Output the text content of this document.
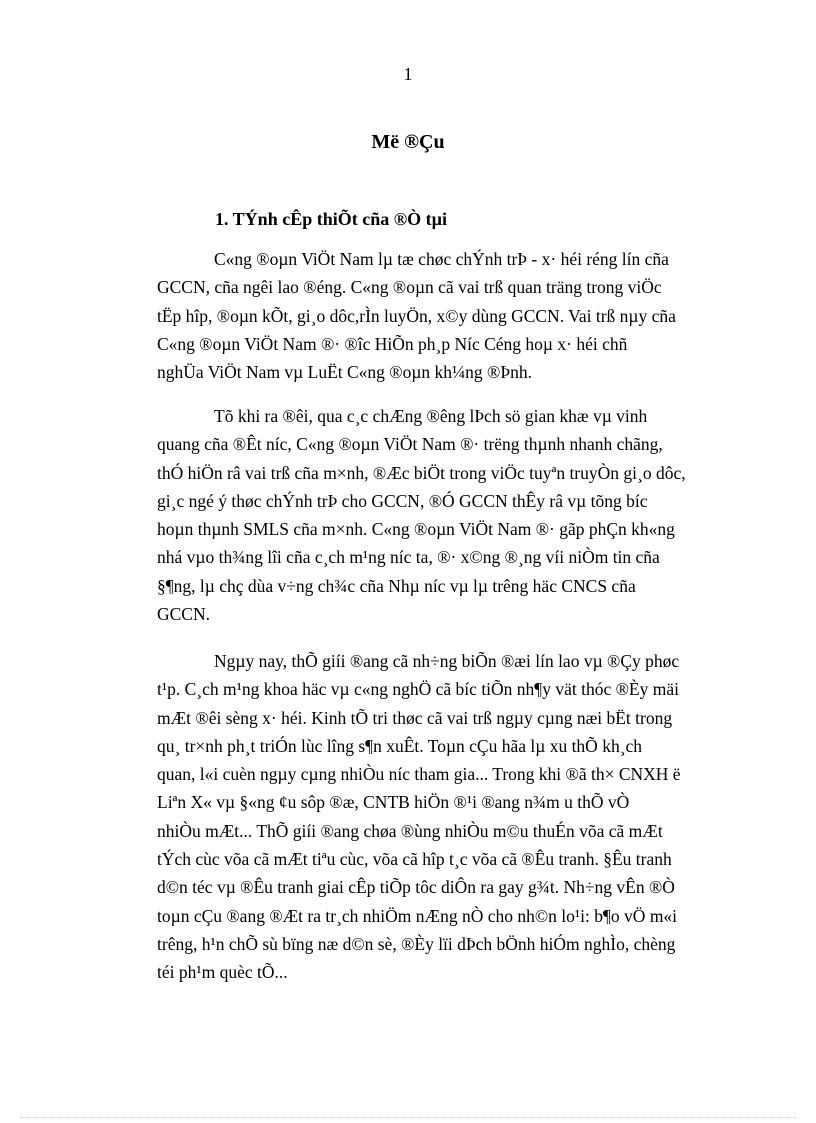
1
Më ®Çu
1. TÝnh cÊp thiÕt cña ®Ò tµi
C«ng ®oµn ViÖt Nam lµ tæ chøc chÝnh trÞ - x· héi réng lín cña
GCCN, cña ngêi lao ®éng. C«ng ®oµn cã vai trß quan träng trong viÖc
tËp hîp, ®oµn kÕt, gi¸o dôc,rÌn luyÖn, x©y dùng GCCN. Vai trß nµy cña
C«ng ®oµn ViÖt Nam ®· ®îc HiÕn ph¸p Níc Céng hoµ x· héi chñ
nghÜa ViÖt Nam vµ LuËt C«ng ®oµn kh¼ng ®Þnh.
Tõ khi ra ®êi, qua c¸c chÆng ®êng lÞch sö gian khæ vµ vinh
quang cña ®Êt níc, C«ng ®oµn ViÖt Nam ®· trëng thµnh nhanh chãng,
thÓ hiÖn râ vai trß cña m×nh, ®Æc biÖt trong viÖc tuyªn truyÒn gi¸o dôc,
gi¸c ngé ý thøc chÝnh trÞ cho GCCN, ®Ó GCCN thÊy râ vµ tõng bíc
hoµn thµnh SMLS cña m×nh. C«ng ®oµn ViÖt Nam ®· gãp phÇn kh«ng
nhá vµo th¾ng lîi cña c¸ch m¹ng níc ta, ®· x©ng ®¸ng víi niÒm tin cña
§¶ng, lµ chç dùa v÷ng ch¾c cña Nhµ níc vµ lµ trêng häc CNCS cña
GCCN.
Ngµy nay, thÕ giíi ®ang cã nh÷ng biÕn ®æi lín lao vµ ®Çy phøc
t¹p. C¸ch m¹ng khoa häc vµ c«ng nghÖ cã bíc tiÕn nh¶y vät thóc ®Èy mäi
mÆt ®êi sèng x· héi. Kinh tÕ tri thøc cã vai trß ngµy cµng næi bËt trong
qu¸ tr×nh ph¸t triÓn lùc lîng s¶n xuÊt. Toµn cÇu hãa lµ xu thÕ kh¸ch
quan, l«i cuèn ngµy cµng nhiÒu níc tham gia... Trong khi ®ã th× CNXH ë
Liªn X« vµ §«ng ¢u sôp ®æ, CNTB hiÖn ®¹i ®ang n¾m u thÕ vÒ
nhiÒu mÆt... ThÕ giíi ®ang chøa ®ùng nhiÒu m©u thuÉn võa cã mÆt
tÝch cùc võa cã mÆt tiªu cùc, võa cã hîp t¸c võa cã ®Êu tranh. §Êu tranh
d©n téc vµ ®Êu tranh giai cÊp tiÕp tôc diÔn ra gay g¾t. Nh÷ng vÊn ®Ò
toµn cÇu ®ang ®Æt ra tr¸ch nhiÖm nÆng nÒ cho nh©n lo¹i: b¶o vÖ m«i
trêng, h¹n chÕ sù bïng næ d©n sè, ®Èy lïi dÞch bÖnh hiÓm nghÌo, chèng
téi ph¹m quèc tÕ...
